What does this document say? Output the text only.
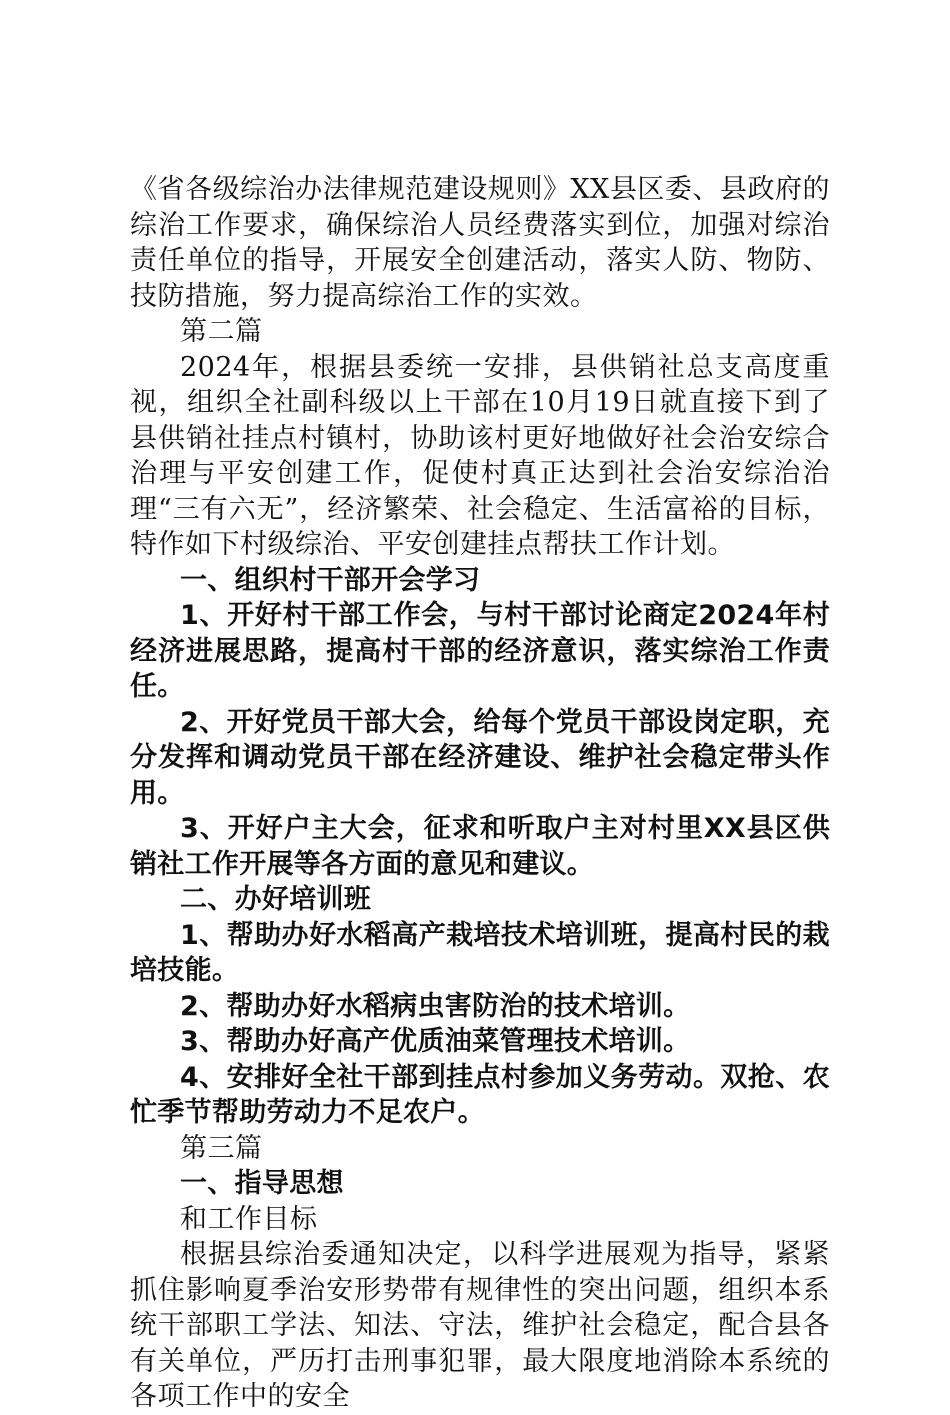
《省各级综治办法律规范建设规则》XX县区委、县政府的综治工作要求，确保综治人员经费落实到位，加强对综治责任单位的指导，开展安全创建活动，落实人防、物防、技防措施，努力提高综治工作的实效。

第二篇

2024年，根据县委统一安排，县供销社总支高度重视，组织全社副科级以上干部在10月19日就直接下到了县供销社挂点村镇村，协助该村更好地做好社会治安综合治理与平安创建工作，促使村真正达到社会治安综治治理“三有六无”，经济繁荣、社会稳定、生活富裕的目标，特作如下村级综治、平安创建挂点帮扶工作计划。

一、组织村干部开会学习

1、开好村干部工作会，与村干部讨论商定2024年村经济进展思路，提高村干部的经济意识，落实综治工作责任。

2、开好党员干部大会，给每个党员干部设岗定职，充分发挥和调动党员干部在经济建设、维护社会稳定带头作用。

3、开好户主大会，征求和听取户主对村里XX县区供销社工作开展等各方面的意见和建议。

二、办好培训班

1、帮助办好水稻高产栽培技术培训班，提高村民的栽培技能。

2、帮助办好水稻病虫害防治的技术培训。

3、帮助办好高产优质油菜管理技术培训。

4、安排好全社干部到挂点村参加义务劳动。双抢、农忙季节帮助劳动力不足农户。

第三篇

一、指导思想

和工作目标

根据县综治委通知决定，以科学进展观为指导，紧紧抓住影响夏季治安形势带有规律性的突出问题，组织本系统干部职工学法、知法、守法，维护社会稳定，配合县各有关单位，严历打击刑事犯罪，最大限度地消除本系统的各项工作中的安全
